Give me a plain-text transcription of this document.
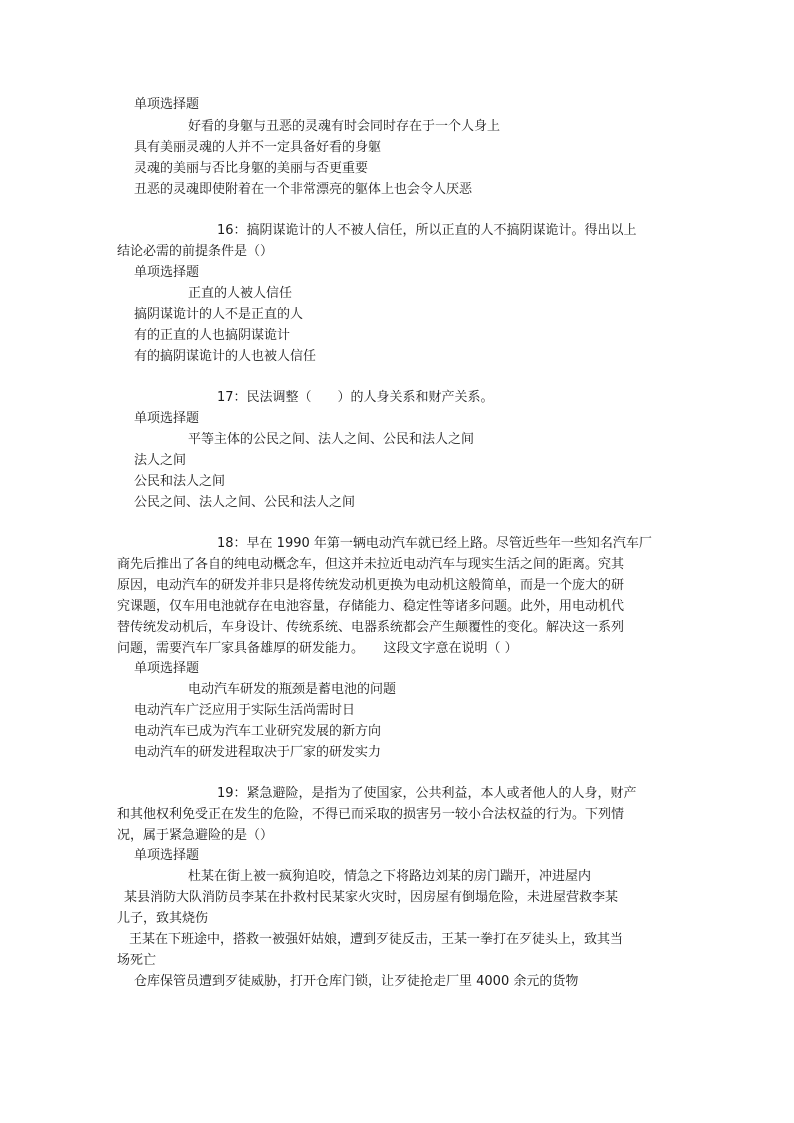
单项选择题
好看的身躯与丑恶的灵魂有时会同时存在于一个人身上
具有美丽灵魂的人并不一定具备好看的身躯
灵魂的美丽与否比身躯的美丽与否更重要
丑恶的灵魂即使附着在一个非常漂亮的躯体上也会令人厌恶
16：搞阴谋诡计的人不被人信任，所以正直的人不搞阴谋诡计。得出以上
结论必需的前提条件是（）
单项选择题
正直的人被人信任
搞阴谋诡计的人不是正直的人
有的正直的人也搞阴谋诡计
有的搞阴谋诡计的人也被人信任
17：民法调整（　　）的人身关系和财产关系。
单项选择题
平等主体的公民之间、法人之间、公民和法人之间
法人之间
公民和法人之间
公民之间、法人之间、公民和法人之间
18：早在 1990 年第一辆电动汽车就已经上路。尽管近些年一些知名汽车厂
商先后推出了各自的纯电动概念车，但这并未拉近电动汽车与现实生活之间的距离。究其
原因，电动汽车的研发并非只是将传统发动机更换为电动机这般简单，而是一个庞大的研
究课题，仅车用电池就存在电池容量，存储能力、稳定性等诸多问题。此外，用电动机代
替传统发动机后，车身设计、传统系统、电器系统都会产生颠覆性的变化。解决这一系列
问题，需要汽车厂家具备雄厚的研发能力。　　这段文字意在说明（ ）
单项选择题
电动汽车研发的瓶颈是蓄电池的问题
电动汽车广泛应用于实际生活尚需时日
电动汽车已成为汽车工业研究发展的新方向
电动汽车的研发进程取决于厂家的研发实力
19：紧急避险，是指为了使国家，公共利益，本人或者他人的人身，财产
和其他权利免受正在发生的危险，不得已而采取的损害另一较小合法权益的行为。下列情
况，属于紧急避险的是（）
单项选择题
杜某在街上被一疯狗追咬，情急之下将路边刘某的房门踹开，冲进屋内
某县消防大队消防员李某在扑救村民某家火灾时，因房屋有倒塌危险，未进屋营救李某
儿子，致其烧伤
王某在下班途中，搭救一被强奸姑娘，遭到歹徒反击，王某一拳打在歹徒头上，致其当
场死亡
仓库保管员遭到歹徒威胁，打开仓库门锁，让歹徒抢走厂里 4000 余元的货物
